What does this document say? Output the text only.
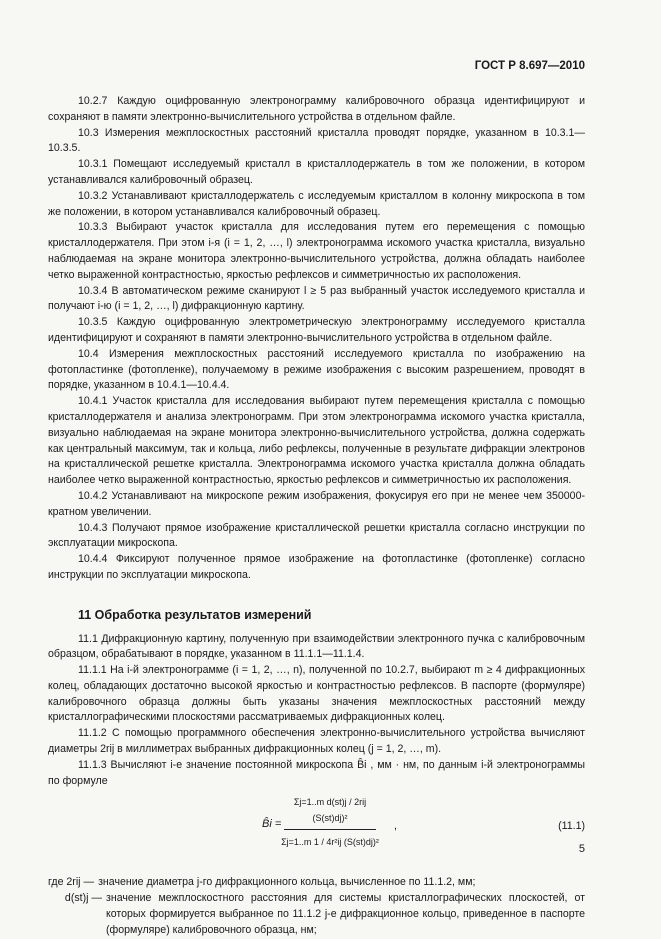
ГОСТ Р 8.697—2010

10.2.7 Каждую оцифрованную электронограмму калибровочного образца идентифицируют и сохраняют в памяти электронно-вычислительного устройства в отдельном файле.

10.3 Измерения межплоскостных расстояний кристалла проводят порядке, указанном в 10.3.1—10.3.5.

10.3.1 Помещают исследуемый кристалл в кристаллодержатель в том же положении, в котором устанавливался калибровочный образец.

10.3.2 Устанавливают кристаллодержатель с исследуемым кристаллом в колонну микроскопа в том же положении, в котором устанавливался калибровочный образец.

10.3.3 Выбирают участок кристалла для исследования путем его перемещения с помощью кристаллодержателя. При этом i-я (i = 1, 2, …, l) электронограмма искомого участка кристалла, визуально наблюдаемая на экране монитора электронно-вычислительного устройства, должна обладать наиболее четко выраженной контрастностью, яркостью рефлексов и симметричностью их расположения.

10.3.4 В автоматическом режиме сканируют l ≥ 5 раз выбранный участок исследуемого кристалла и получают i-ю (i = 1, 2, …, l) дифракционную картину.

10.3.5 Каждую оцифрованную электрометрическую электронограмму исследуемого кристалла идентифицируют и сохраняют в памяти электронно-вычислительного устройства в отдельном файле.

10.4 Измерения межплоскостных расстояний исследуемого кристалла по изображению на фотопластинке (фотопленке), получаемому в режиме изображения с высоким разрешением, проводят в порядке, указанном в 10.4.1—10.4.4.

10.4.1 Участок кристалла для исследования выбирают путем перемещения кристалла с помощью кристаллодержателя и анализа электронограмм. При этом электронограмма искомого участка кристалла, визуально наблюдаемая на экране монитора электронно-вычислительного устройства, должна содержать как центральный максимум, так и кольца, либо рефлексы, полученные в результате дифракции электронов на кристаллической решетке кристалла. Электронограмма искомого участка кристалла должна обладать наиболее четко выраженной контрастностью, яркостью рефлексов и симметричностью их расположения.

10.4.2 Устанавливают на микроскопе режим изображения, фокусируя его при не менее чем 350000-кратном увеличении.

10.4.3 Получают прямое изображение кристаллической решетки кристалла согласно инструкции по эксплуатации микроскопа.

10.4.4 Фиксируют полученное прямое изображение на фотопластинке (фотопленке) согласно инструкции по эксплуатации микроскопа.

11 Обработка результатов измерений

11.1 Дифракционную картину, полученную при взаимодействии электронного пучка с калибровочным образцом, обрабатывают в порядке, указанном в 11.1.1—11.1.4.

11.1.1 На i-й электронограмме (i = 1, 2, …, n), полученной по 10.2.7, выбирают m ≥ 4 дифракционных колец, обладающих достаточно высокой яркостью и контрастностью рефлексов. В паспорте (формуляре) калибровочного образца должны быть указаны значения межплоскостных расстояний между кристаллографическими плоскостями рассматриваемых дифракционных колец.

11.1.2 С помощью программного обеспечения электронно-вычислительного устройства вычисляют диаметры 2rij в миллиметрах выбранных дифракционных колец (j = 1, 2, …, m).

11.1.3 Вычисляют i-е значение постоянной микроскопа B̂i , мм · нм, по данным i-й электронограммы по формуле

B̂i =
Σj=1..m d(st)j / 2rij (S(st)dj)²
Σj=1..m 1 / 4r²ij (S(st)dj)²
,	(11.1)
где 2rij — значение диаметра j-го дифракционного кольца, вычисленное по 11.1.2, мм;
d(st)j — значение межплоскостного расстояния для системы кристаллографических плоскостей, от которых формируется выбранное по 11.1.2 j-е дифракционное кольцо, приведенное в паспорте (формуляре) калибровочного образца, нм;
5
